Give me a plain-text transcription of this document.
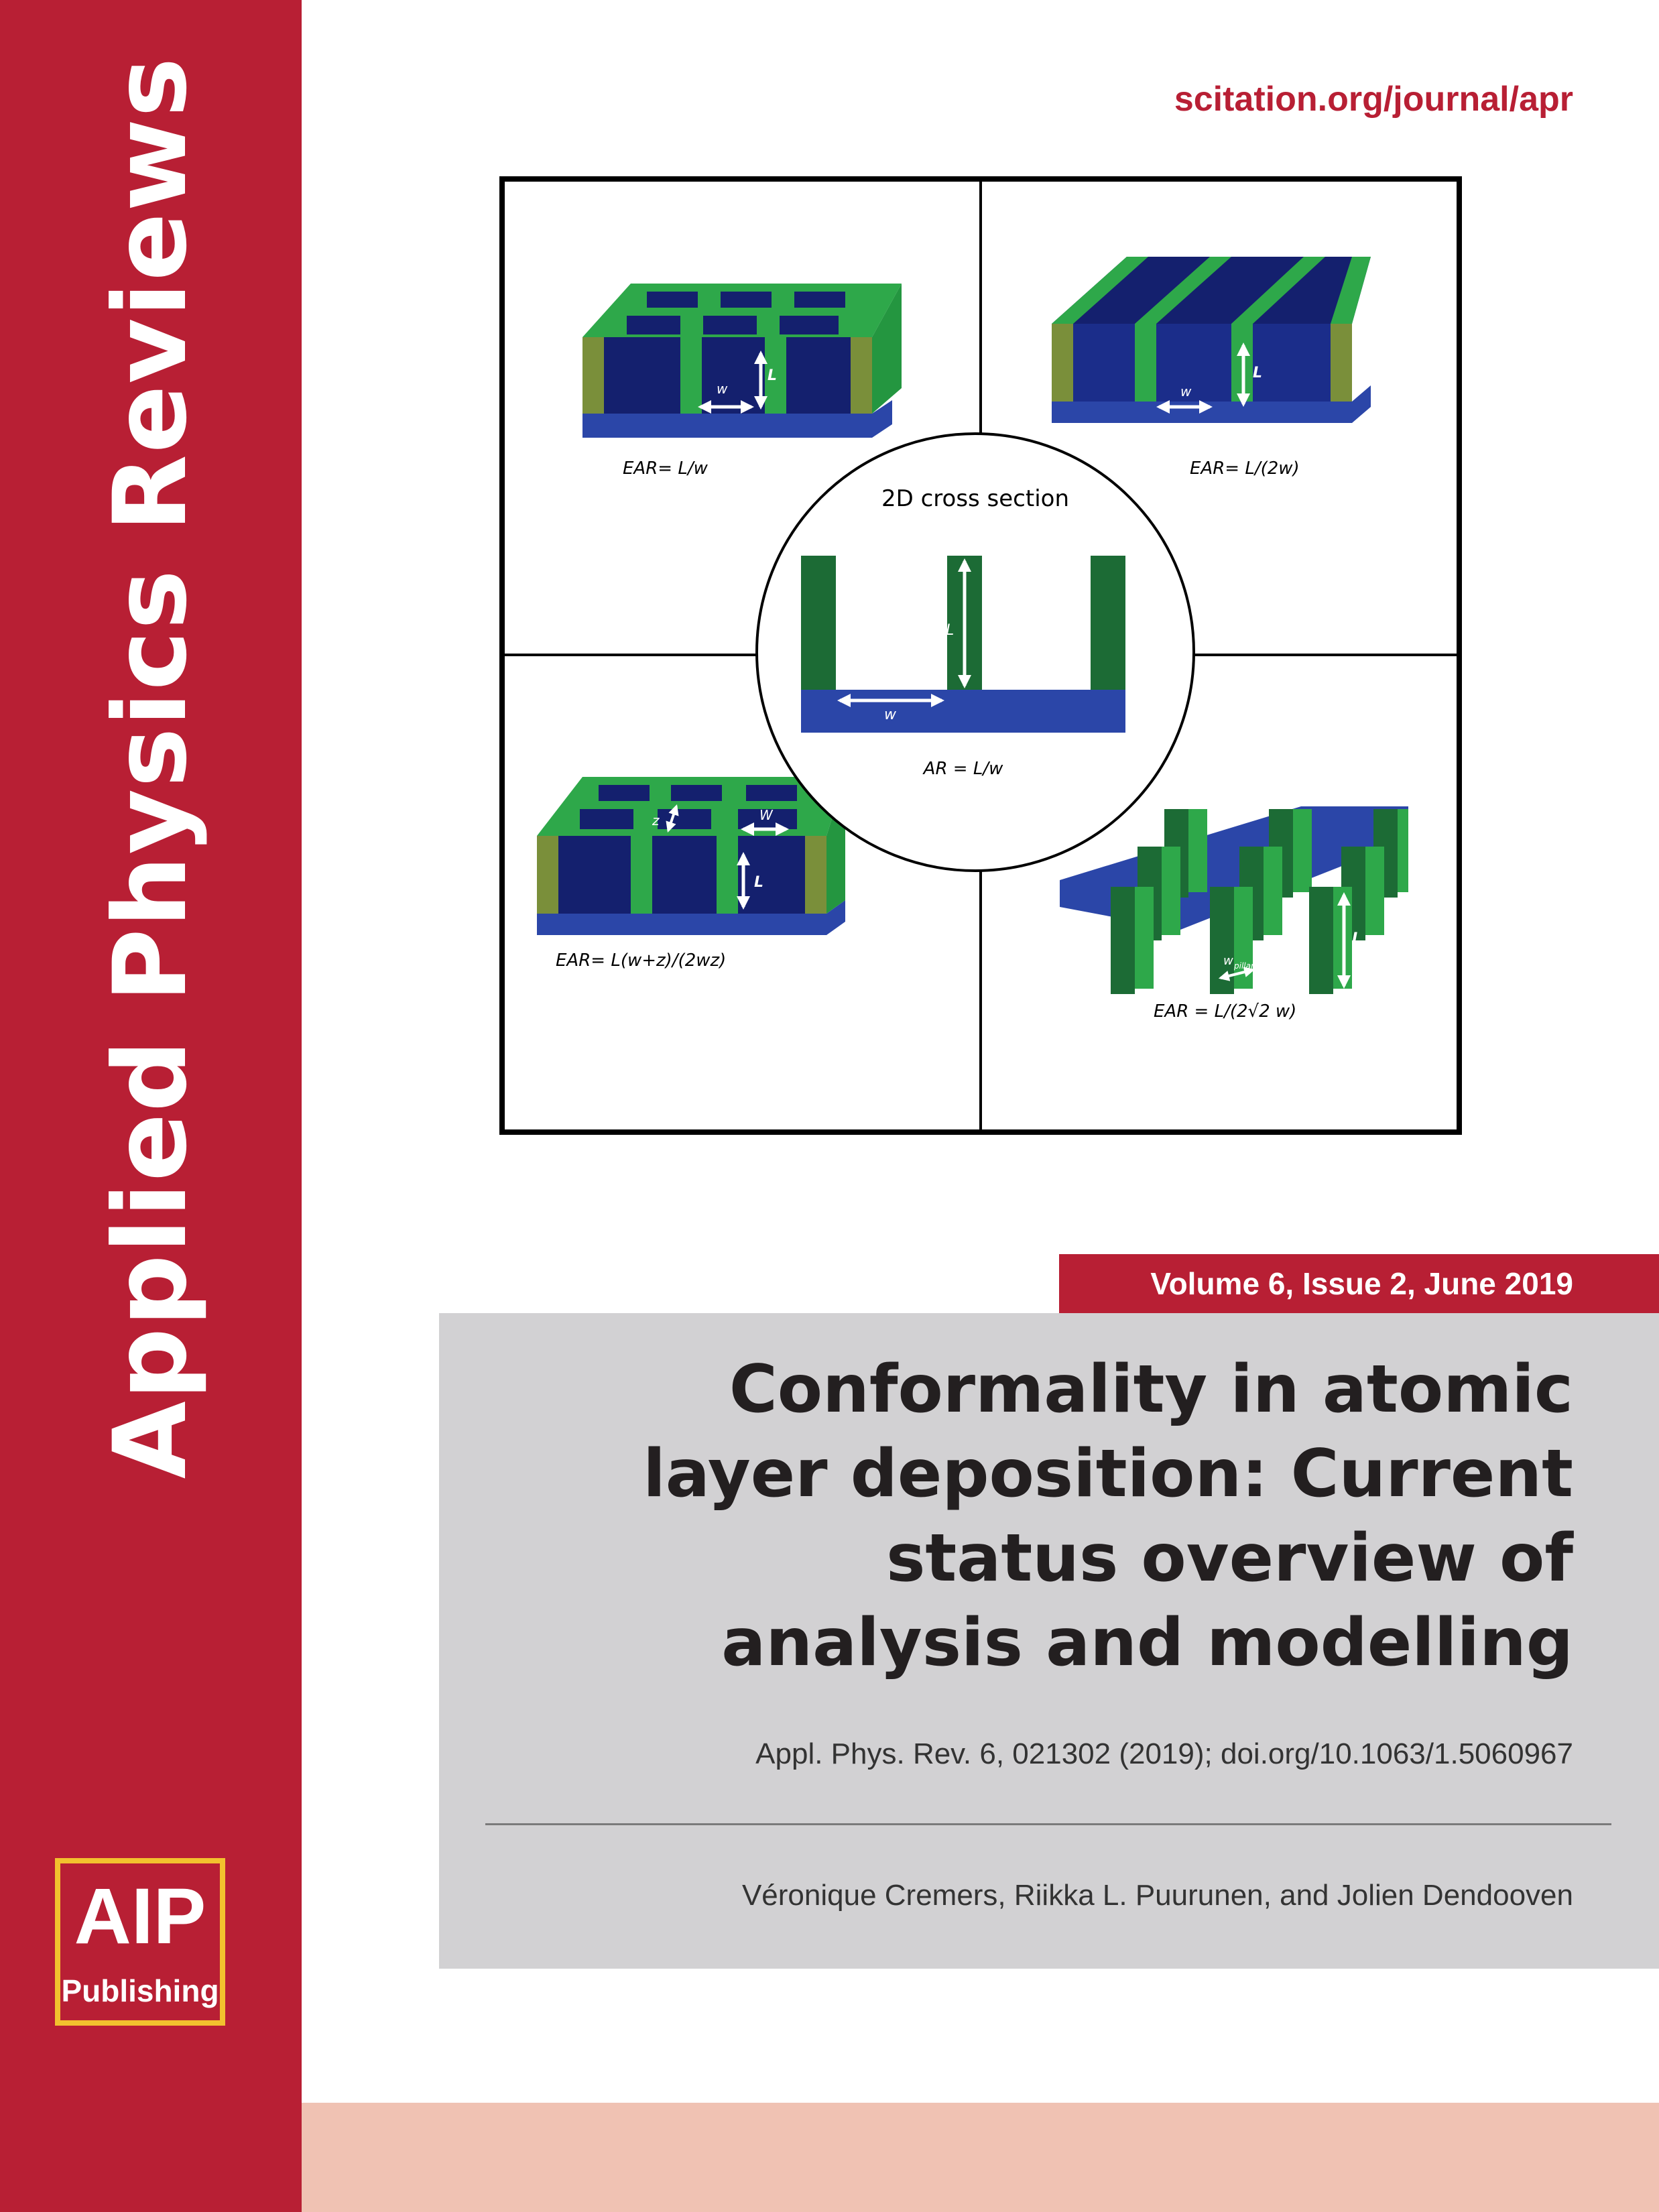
Applied Physics Reviews
AIP
Publishing
scitation.org/journal/apr
w
L
EAR= L/w
w
L
EAR= L/(2w)
z	W
L
EAR= L(w+z)/(2wz)	w pillar
w
L
EAR = L/(2√2 w)
2D cross section
L
w
AR = L/w
Volume 6, Issue 2, June 2019
Conformality in atomic
layer deposition: Current
status overview of
analysis and modelling
Appl. Phys. Rev. 6, 021302 (2019); doi.org/10.1063/1.5060967
Véronique Cremers, Riikka L. Puurunen, and Jolien Dendooven
